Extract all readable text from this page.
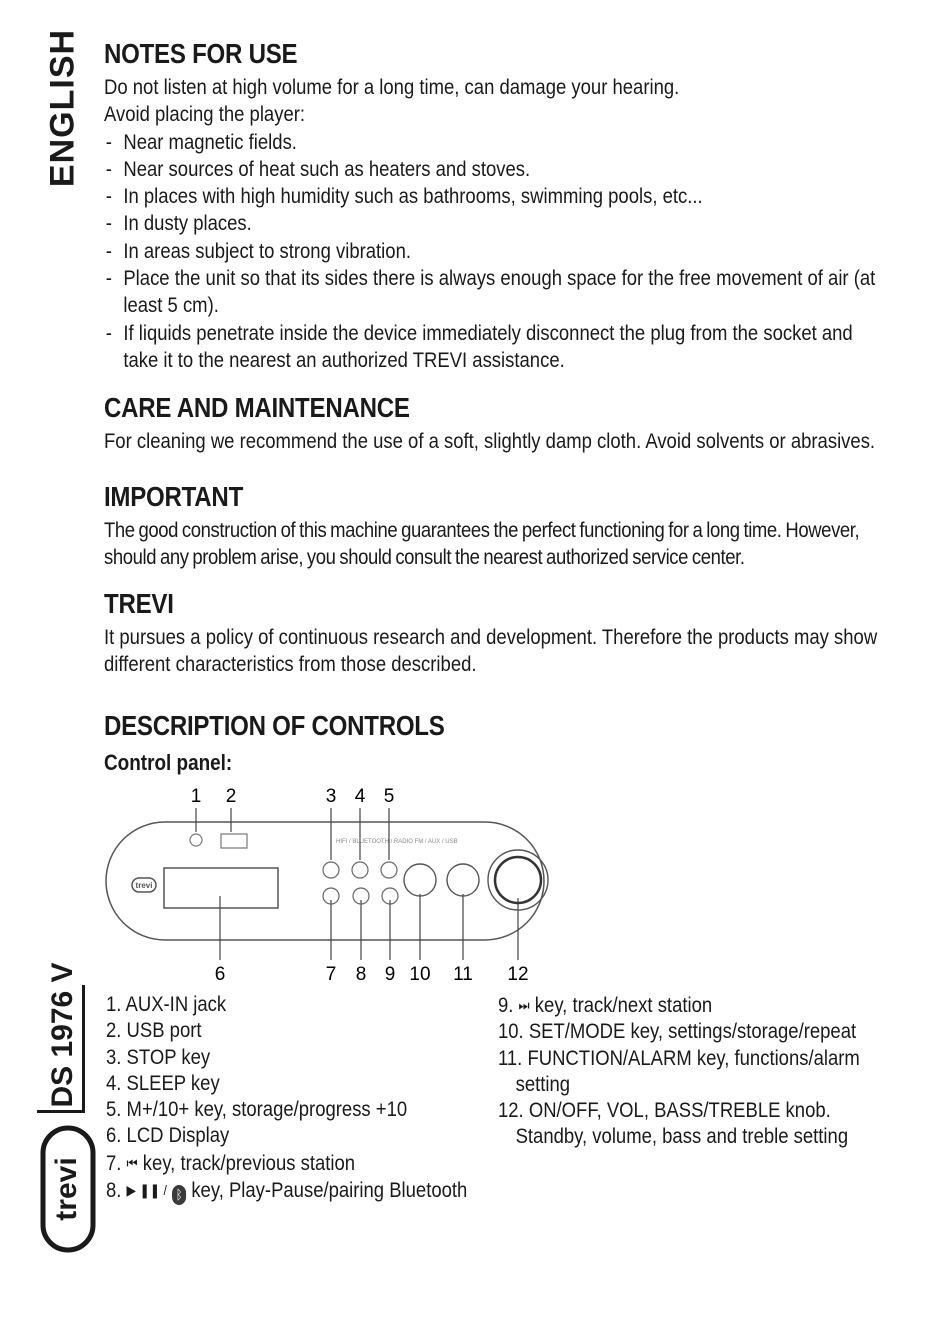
ENGLISH
DS 1976 V
trevi
NOTES FOR USE

Do not listen at high volume for a long time, can damage your hearing.

Avoid placing the player:

- Near magnetic fields.
- Near sources of heat such as heaters and stoves.
- In places with high humidity such as bathrooms, swimming pools, etc...
- In dusty places.
- In areas subject to strong vibration.
- Place the unit so that its sides there is always enough space for the free movement of air (at least 5 cm).
- If liquids penetrate inside the device immediately disconnect the plug from the socket and take it to the nearest an authorized TREVI assistance.
CARE AND MAINTENANCE

For cleaning we recommend the use of a soft, slightly damp cloth. Avoid solvents or abrasives.

IMPORTANT

The good construction of this machine guarantees the perfect functioning for a long time. However, should any problem arise, you should consult the nearest authorized service center.

TREVI

It pursues a policy of continuous research and development. Therefore the products may show different characteristics from those described.

DESCRIPTION OF CONTROLS
Control panel:
1 2	3 4 5
6	7 8 9 10 11 12
HIFI / BLUETOOTH / RADIO FM / AUX / USB
trevi
1. AUX-IN jack
2. USB port
3. STOP key
4. SLEEP key
5. M+/10+ key, storage/progress +10
6. LCD Display
7. ⏮ key, track/previous station
8. ▶ ❚❚ / ᛒ key, Play-Pause/pairing Bluetooth
9. ⏭ key, track/next station
10. SET/MODE key, settings/storage/repeat
11. FUNCTION/ALARM key, functions/alarm
setting
12. ON/OFF, VOL, BASS/TREBLE knob.
Standby, volume, bass and treble setting
